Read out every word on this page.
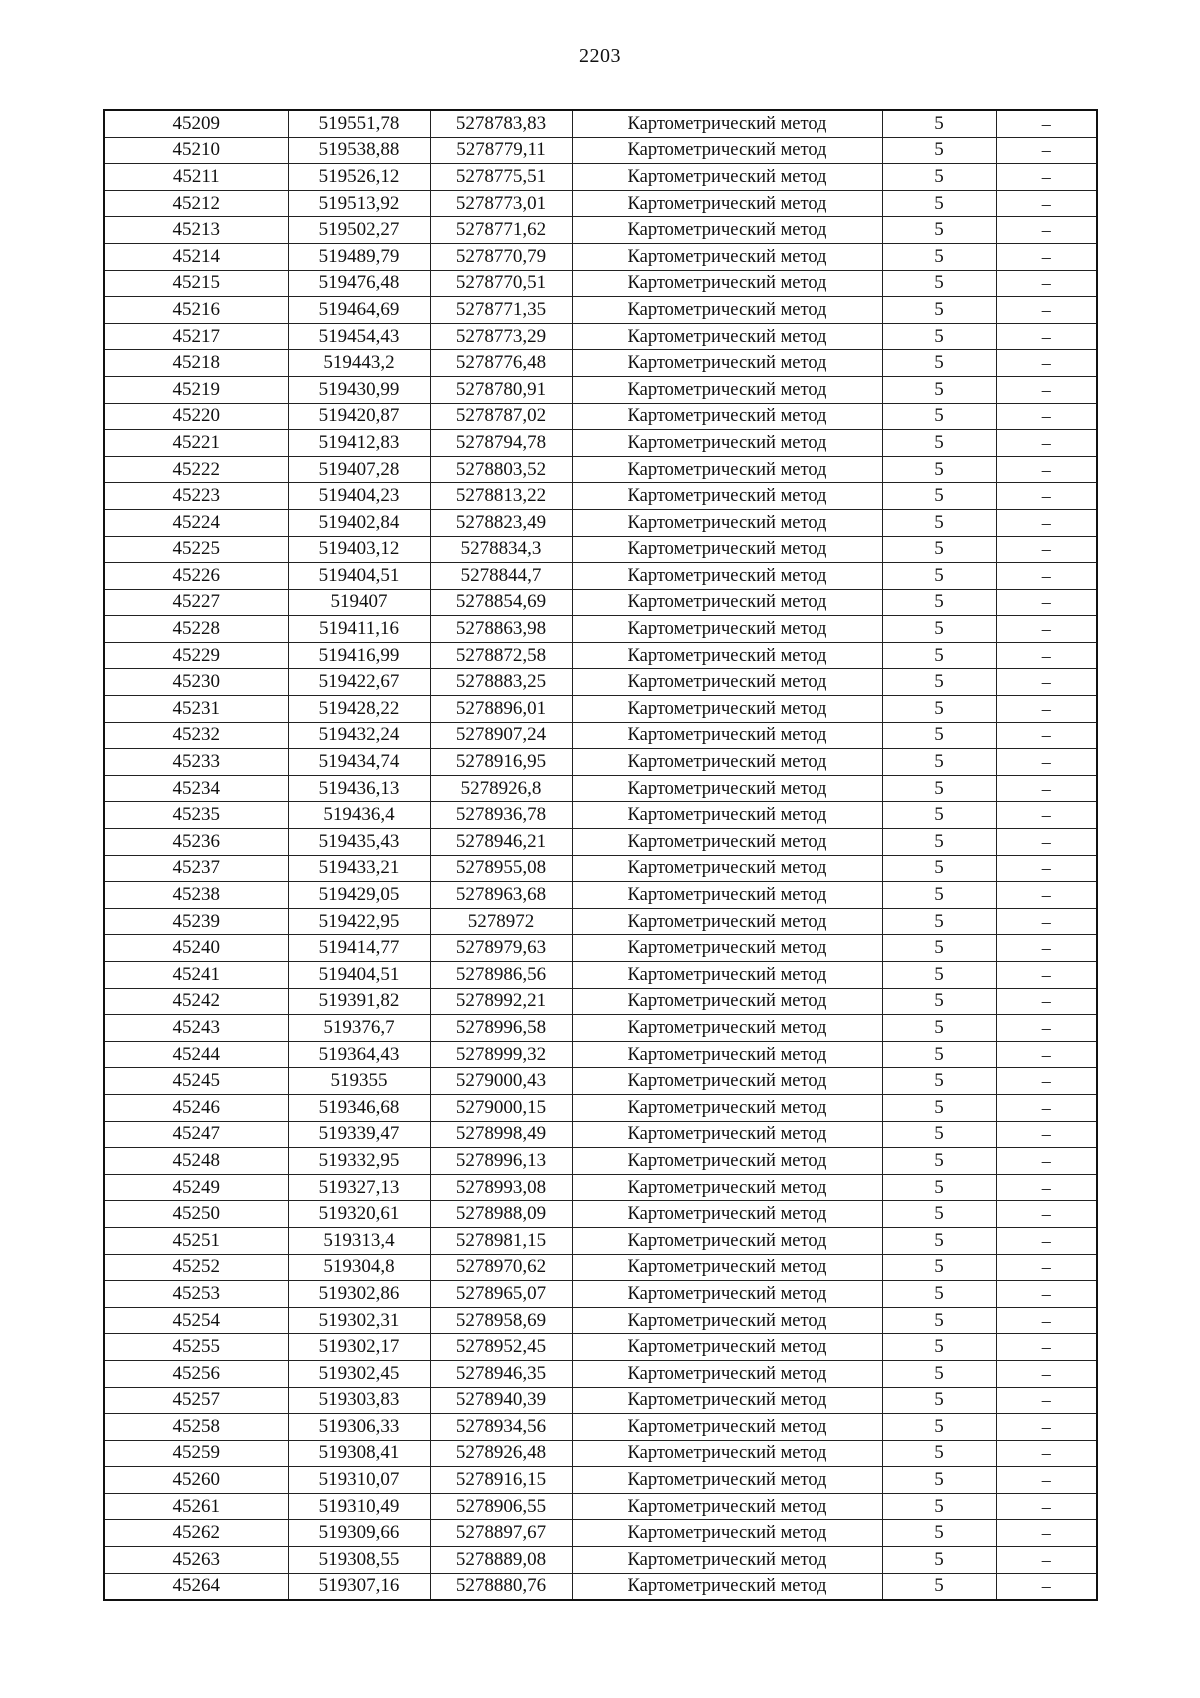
2203
45209	519551,78	5278783,83	Картометрический метод	5	–
45210	519538,88	5278779,11	Картометрический метод	5	–
45211	519526,12	5278775,51	Картометрический метод	5	–
45212	519513,92	5278773,01	Картометрический метод	5	–
45213	519502,27	5278771,62	Картометрический метод	5	–
45214	519489,79	5278770,79	Картометрический метод	5	–
45215	519476,48	5278770,51	Картометрический метод	5	–
45216	519464,69	5278771,35	Картометрический метод	5	–
45217	519454,43	5278773,29	Картометрический метод	5	–
45218	519443,2	5278776,48	Картометрический метод	5	–
45219	519430,99	5278780,91	Картометрический метод	5	–
45220	519420,87	5278787,02	Картометрический метод	5	–
45221	519412,83	5278794,78	Картометрический метод	5	–
45222	519407,28	5278803,52	Картометрический метод	5	–
45223	519404,23	5278813,22	Картометрический метод	5	–
45224	519402,84	5278823,49	Картометрический метод	5	–
45225	519403,12	5278834,3	Картометрический метод	5	–
45226	519404,51	5278844,7	Картометрический метод	5	–
45227	519407	5278854,69	Картометрический метод	5	–
45228	519411,16	5278863,98	Картометрический метод	5	–
45229	519416,99	5278872,58	Картометрический метод	5	–
45230	519422,67	5278883,25	Картометрический метод	5	–
45231	519428,22	5278896,01	Картометрический метод	5	–
45232	519432,24	5278907,24	Картометрический метод	5	–
45233	519434,74	5278916,95	Картометрический метод	5	–
45234	519436,13	5278926,8	Картометрический метод	5	–
45235	519436,4	5278936,78	Картометрический метод	5	–
45236	519435,43	5278946,21	Картометрический метод	5	–
45237	519433,21	5278955,08	Картометрический метод	5	–
45238	519429,05	5278963,68	Картометрический метод	5	–
45239	519422,95	5278972	Картометрический метод	5	–
45240	519414,77	5278979,63	Картометрический метод	5	–
45241	519404,51	5278986,56	Картометрический метод	5	–
45242	519391,82	5278992,21	Картометрический метод	5	–
45243	519376,7	5278996,58	Картометрический метод	5	–
45244	519364,43	5278999,32	Картометрический метод	5	–
45245	519355	5279000,43	Картометрический метод	5	–
45246	519346,68	5279000,15	Картометрический метод	5	–
45247	519339,47	5278998,49	Картометрический метод	5	–
45248	519332,95	5278996,13	Картометрический метод	5	–
45249	519327,13	5278993,08	Картометрический метод	5	–
45250	519320,61	5278988,09	Картометрический метод	5	–
45251	519313,4	5278981,15	Картометрический метод	5	–
45252	519304,8	5278970,62	Картометрический метод	5	–
45253	519302,86	5278965,07	Картометрический метод	5	–
45254	519302,31	5278958,69	Картометрический метод	5	–
45255	519302,17	5278952,45	Картометрический метод	5	–
45256	519302,45	5278946,35	Картометрический метод	5	–
45257	519303,83	5278940,39	Картометрический метод	5	–
45258	519306,33	5278934,56	Картометрический метод	5	–
45259	519308,41	5278926,48	Картометрический метод	5	–
45260	519310,07	5278916,15	Картометрический метод	5	–
45261	519310,49	5278906,55	Картометрический метод	5	–
45262	519309,66	5278897,67	Картометрический метод	5	–
45263	519308,55	5278889,08	Картометрический метод	5	–
45264	519307,16	5278880,76	Картометрический метод	5	–
